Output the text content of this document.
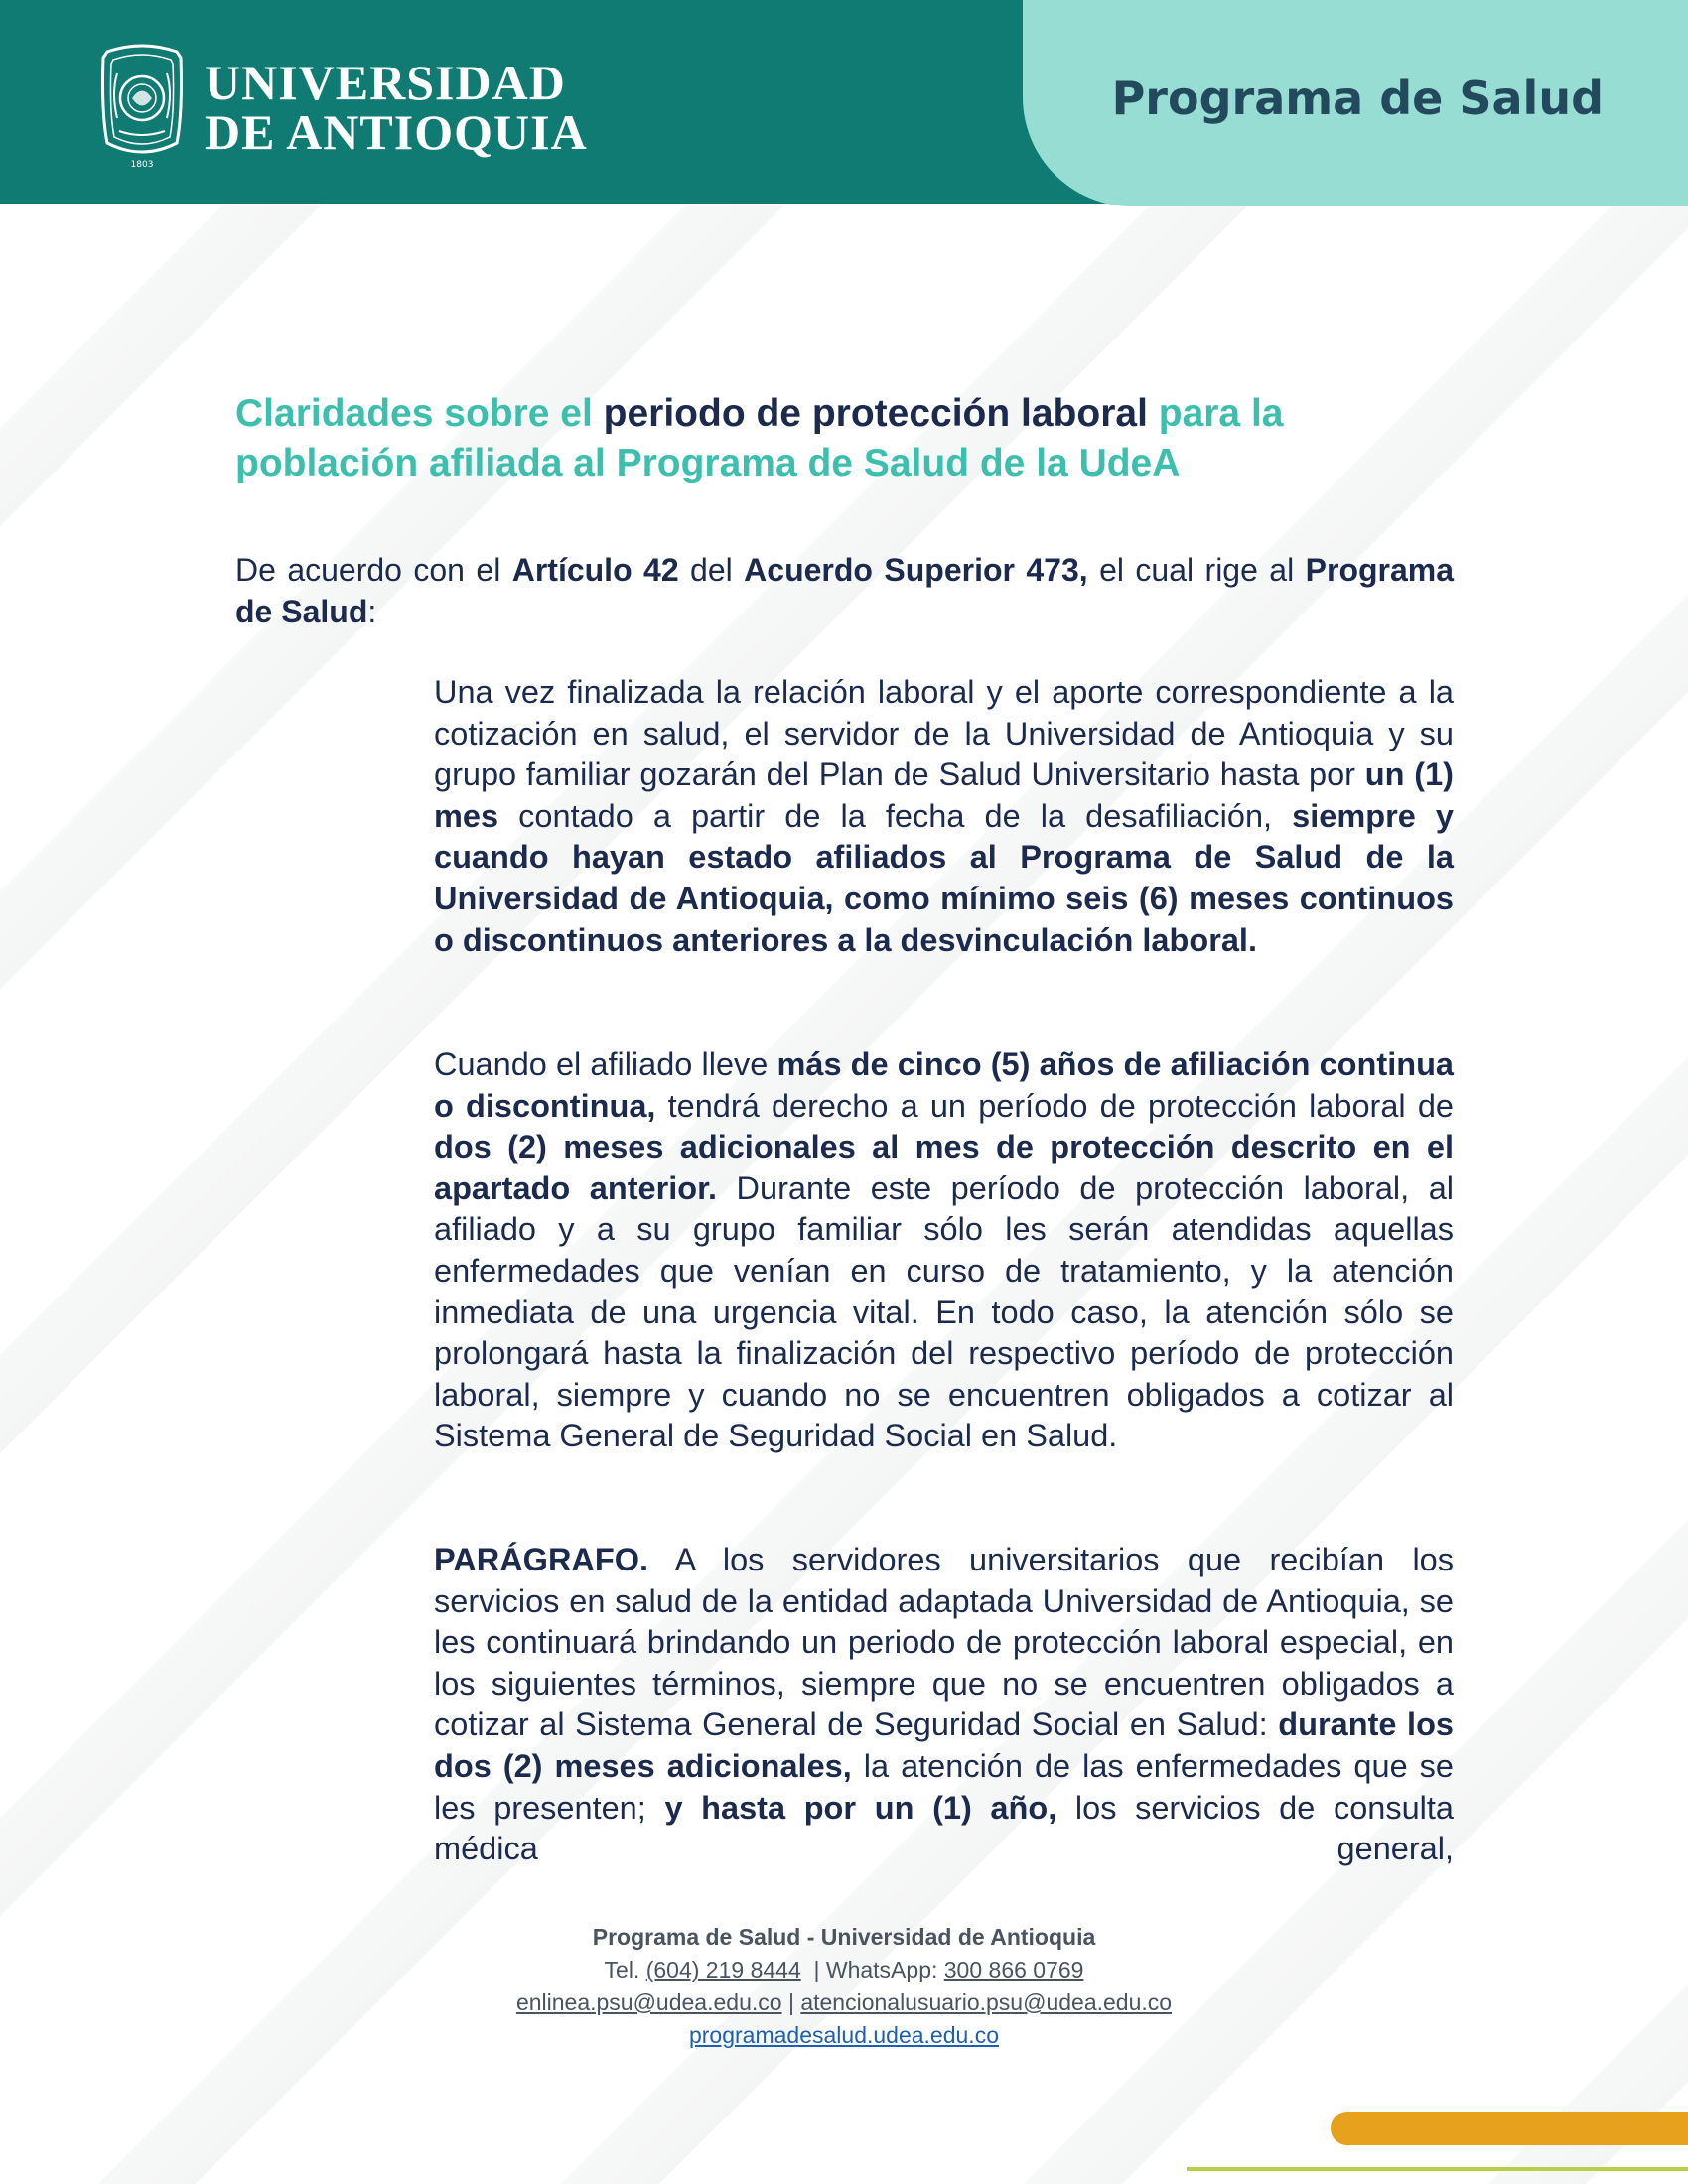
1803
UNIVERSIDAD
DE ANTIOQUIA
Programa de Salud
Claridades sobre el periodo de protección laboral para la población afiliada al Programa de Salud de la UdeA
De acuerdo con el Artículo 42 del Acuerdo Superior 473, el cual rige al Programa de Salud:
Una vez finalizada la relación laboral y el aporte correspondiente a la cotización en salud, el servidor de la Universidad de Antioquia y su grupo familiar gozarán del Plan de Salud Universitario hasta por un (1) mes contado a partir de la fecha de la desafiliación, siempre y cuando hayan estado afiliados al Programa de Salud de la Universidad de Antioquia, como mínimo seis (6) meses continuos o discontinuos anteriores a la desvinculación laboral.
Cuando el afiliado lleve más de cinco (5) años de afiliación continua o discontinua, tendrá derecho a un período de protección laboral de dos (2) meses adicionales al mes de protección descrito en el apartado anterior. Durante este período de protección laboral, al afiliado y a su grupo familiar sólo les serán atendidas aquellas enfermedades que venían en curso de tratamiento, y la atención inmediata de una urgencia vital. En todo caso, la atención sólo se prolongará hasta la finalización del respectivo período de protección laboral, siempre y cuando no se encuentren obligados a cotizar al Sistema General de Seguridad Social en Salud.
PARÁGRAFO. A los servidores universitarios que recibían los servicios en salud de la entidad adaptada Universidad de Antioquia, se les continuará brindando un periodo de protección laboral especial, en los siguientes términos, siempre que no se encuentren obligados a cotizar al Sistema General de Seguridad Social en Salud: durante los dos (2) meses adicionales, la atención de las enfermedades que se les presenten; y hasta por un (1) año, los servicios de consulta médica general,
Programa de Salud - Universidad de Antioquia
Tel. (604) 219 8444  | WhatsApp: 300 866 0769
enlinea.psu@udea.edu.co | atencionalusuario.psu@udea.edu.co
programadesalud.udea.edu.co
